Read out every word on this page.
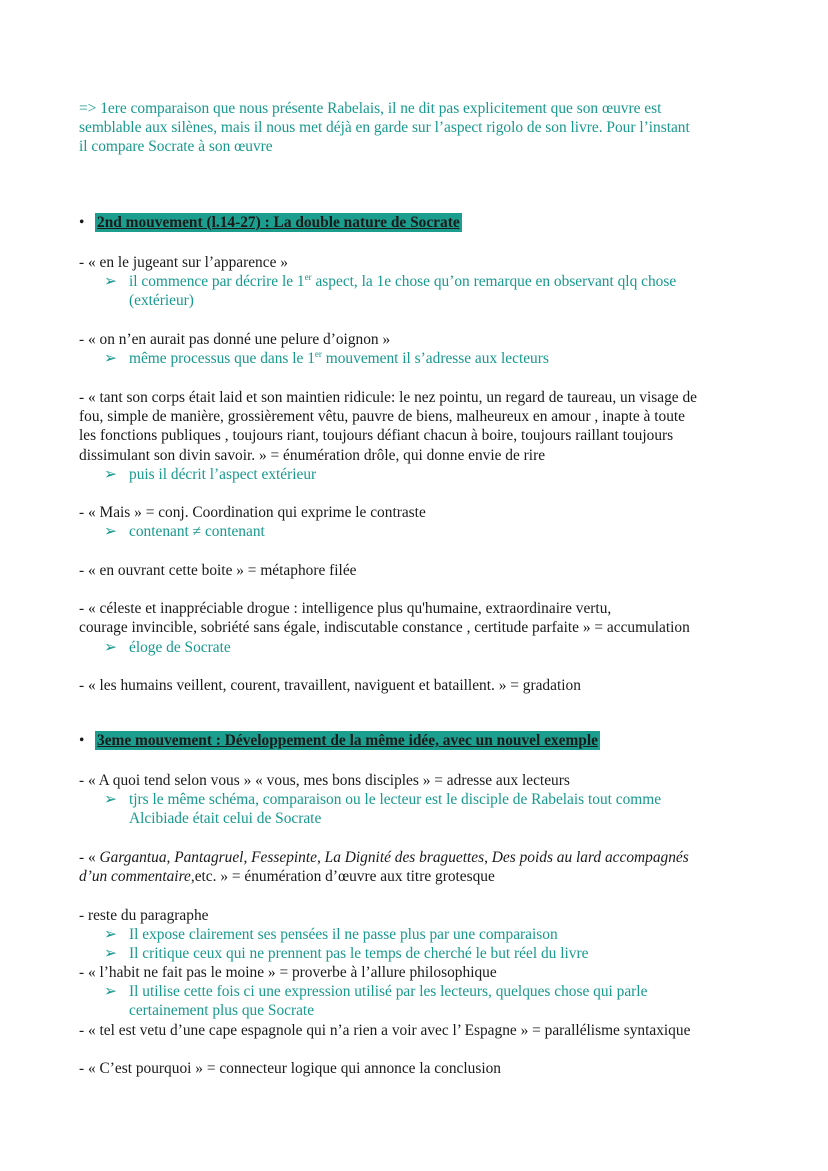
=> 1ere comparaison que nous présente Rabelais, il ne dit pas explicitement que son œuvre est
semblable aux silènes, mais il nous met déjà en garde sur l’aspect rigolo de son livre. Pour l’instant
il compare Socrate à son œuvre

• 2nd mouvement (l.14-27) : La double nature de Socrate

- « en le jugeant sur l’apparence »

➢ il commence par décrire le 1er aspect, la 1e chose qu’on remarque en observant qlq chose
(extérieur)

- « on n’en aurait pas donné une pelure d’oignon »

➢ même processus que dans le 1er mouvement il s’adresse aux lecteurs

- « tant son corps était laid et son maintien ridicule: le nez pointu, un regard de taureau, un visage de
fou, simple de manière, grossièrement vêtu, pauvre de biens, malheureux en amour , inapte à toute
les fonctions publiques , toujours riant, toujours défiant chacun à boire, toujours raillant toujours
dissimulant son divin savoir. » = énumération drôle, qui donne envie de rire

➢ puis il décrit l’aspect extérieur

- « Mais » = conj. Coordination qui exprime le contraste

➢ contenant ≠ contenant

- « en ouvrant cette boite » = métaphore filée

- « céleste et inappréciable drogue : intelligence plus qu'humaine, extraordinaire vertu,
courage invincible, sobriété sans égale, indiscutable constance , certitude parfaite » = accumulation

➢ éloge de Socrate

- « les humains veillent, courent, travaillent, naviguent et bataillent. » = gradation

• 3eme mouvement : Développement de la même idée, avec un nouvel exemple

- « A quoi tend selon vous » « vous, mes bons disciples » = adresse aux lecteurs

➢ tjrs le même schéma, comparaison ou le lecteur est le disciple de Rabelais tout comme
Alcibiade était celui de Socrate

- « Gargantua, Pantagruel, Fessepinte, La Dignité des braguettes, Des poids au lard accompagnés
d’un commentaire,etc. » = énumération d’œuvre aux titre grotesque

- reste du paragraphe

➢ Il expose clairement ses pensées il ne passe plus par une comparaison

➢ Il critique ceux qui ne prennent pas le temps de cherché le but réel du livre

- « l’habit ne fait pas le moine » = proverbe à l’allure philosophique

➢ Il utilise cette fois ci une expression utilisé par les lecteurs, quelques chose qui parle
certainement plus que Socrate

- « tel est vetu d’une cape espagnole qui n’a rien a voir avec l’ Espagne » = parallélisme syntaxique

- « C’est pourquoi » = connecteur logique qui annonce la conclusion
